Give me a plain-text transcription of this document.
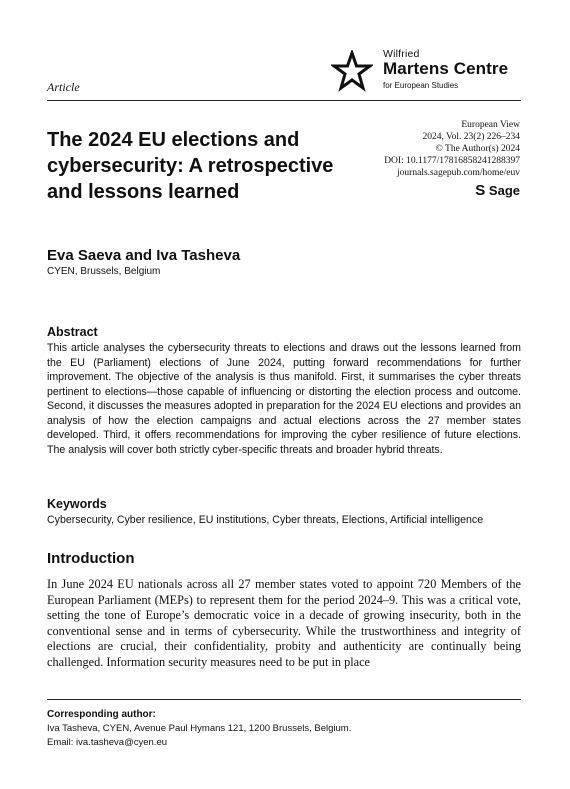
Article
Wilfried
Martens Centre
for European Studies
The 2024 EU elections and cybersecurity: A retrospective and lessons learned
European View
2024, Vol. 23(2) 226–234
© The Author(s) 2024
DOI: 10.1177/17816858241288397
journals.sagepub.com/home/euv
S Sage
Eva Saeva and Iva Tasheva
CYEN, Brussels, Belgium
Abstract
This article analyses the cybersecurity threats to elections and draws out the lessons learned from the EU (Parliament) elections of June 2024, putting forward recommendations for further improvement. The objective of the analysis is thus manifold. First, it summarises the cyber threats pertinent to elections—those capable of influencing or distorting the election process and outcome. Second, it discusses the measures adopted in preparation for the 2024 EU elections and provides an analysis of how the election campaigns and actual elections across the 27 member states developed. Third, it offers recommendations for improving the cyber resilience of future elections. The analysis will cover both strictly cyber-specific threats and broader hybrid threats.
Keywords
Cybersecurity, Cyber resilience, EU institutions, Cyber threats, Elections, Artificial intelligence
Introduction
In June 2024 EU nationals across all 27 member states voted to appoint 720 Members of the European Parliament (MEPs) to represent them for the period 2024–9. This was a critical vote, setting the tone of Europe’s democratic voice in a decade of growing insecurity, both in the conventional sense and in terms of cybersecurity. While the trustworthiness and integrity of elections are crucial, their confidentiality, probity and authenticity are continually being challenged. Information security measures need to be put in place
Corresponding author:
Iva Tasheva, CYEN, Avenue Paul Hymans 121, 1200 Brussels, Belgium.
Email: iva.tasheva@cyen.eu
